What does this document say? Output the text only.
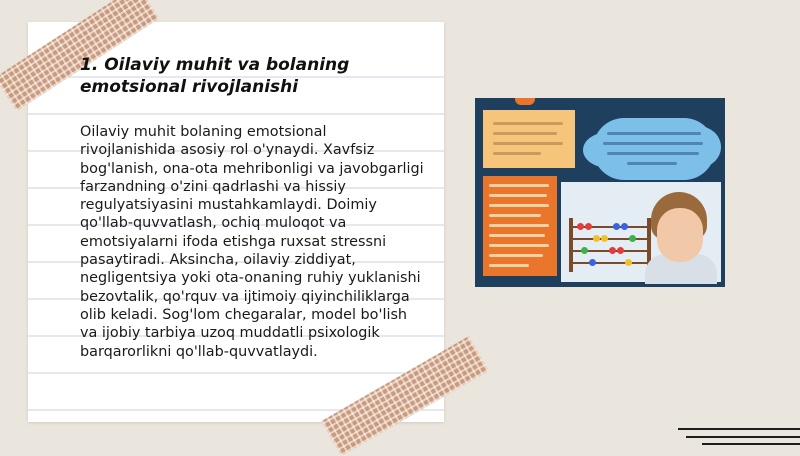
1. Oilaviy muhit va bolaning emotsional rivojlanishi

Oilaviy muhit bolaning emotsional rivojlanishida asosiy rol o'ynaydi. Xavfsiz bog'lanish, ona-ota mehribonligi va javobgarligi farzandning o'zini qadrlashi va hissiy regulyatsiyasini mustahkamlaydi. Doimiy qo'llab-quvvatlash, ochiq muloqot va emotsiyalarni ifoda etishga ruxsat stressni pasaytiradi. Aksincha, oilaviy ziddiyat, negligentsiya yoki ota-onaning ruhiy yuklanishi bezovtalik, qo'rquv va ijtimoiy qiyinchiliklarga olib keladi. Sog'lom chegaralar, model bo'lish va ijobiy tarbiya uzoq muddatli psixologik barqarorlikni qo'llab-quvvatlaydi.
